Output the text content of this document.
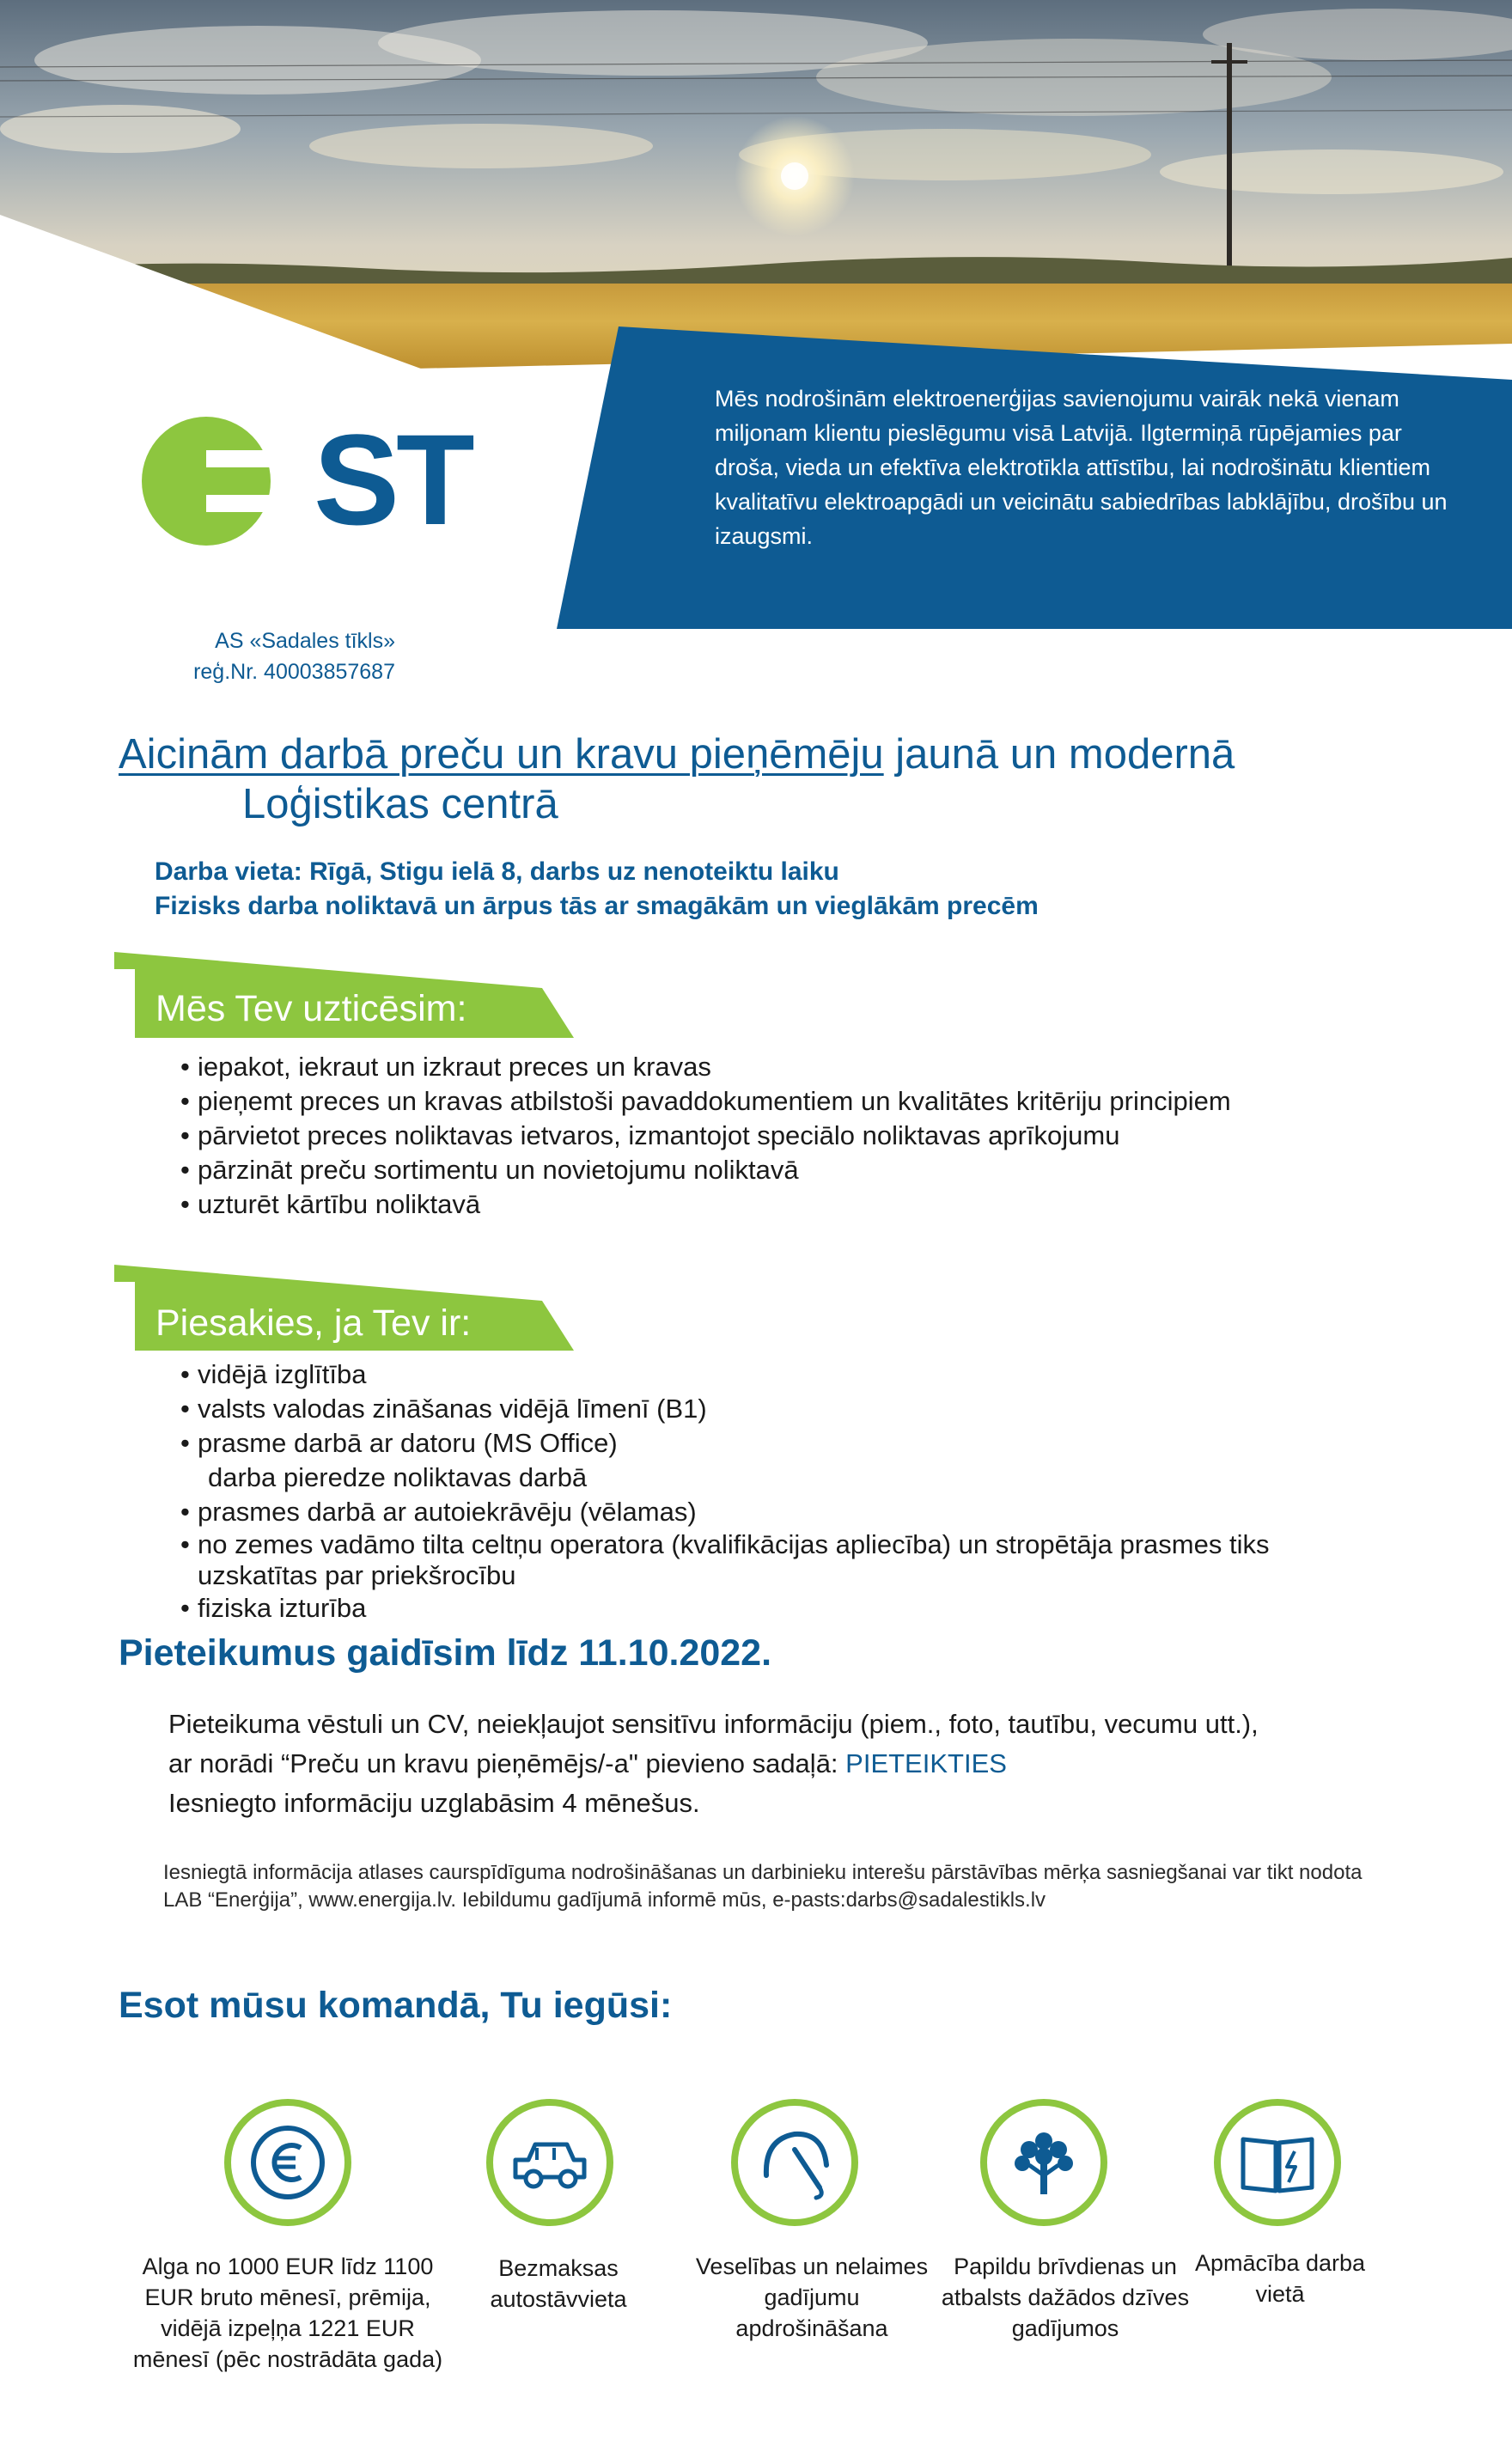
Mēs nodrošinām elektroenerģijas savienojumu vairāk nekā vienam miljonam klientu pieslēgumu visā Latvijā. Ilgtermiņā rūpējamies par droša, vieda un efektīva elektrotīkla attīstību, lai nodrošinātu klientiem kvalitatīvu elektroapgādi un veicinātu sabiedrības labklājību, drošību un izaugsmi.
ST
AS «Sadales tīkls»
reģ.Nr. 40003857687
Aicinām darbā preču un kravu pieņēmēju jaunā un modernā
Loģistikas centrā
Darba vieta: Rīgā, Stigu ielā 8, darbs uz nenoteiktu laiku
Fizisks darba noliktavā un ārpus tās ar smagākām un vieglākām precēm
Mēs Tev uzticēsim:
• iepakot, iekraut un izkraut preces un kravas
• pieņemt preces un kravas atbilstoši pavaddokumentiem un kvalitātes kritēriju principiem
• pārvietot preces noliktavas ietvaros, izmantojot speciālo noliktavas aprīkojumu
• pārzināt preču sortimentu un novietojumu noliktavā
• uzturēt kārtību noliktavā
Piesakies, ja Tev ir:
• vidējā izglītība
• valsts valodas zināšanas vidējā līmenī (B1)
• prasme darbā ar datoru (MS Office)
darba pieredze noliktavas darbā
• prasmes darbā ar autoiekrāvēju (vēlamas)
• no zemes vadāmo tilta celtņu operatora (kvalifikācijas apliecība) un stropētāja prasmes tiks uzskatītas par priekšrocību
• fiziska izturība
Pieteikumus gaidīsim līdz 11.10.2022.
Pieteikuma vēstuli un CV, neiekļaujot sensitīvu informāciju (piem., foto, tautību, vecumu utt.),
ar norādi “Preču un kravu pieņēmējs/-a" pievieno sadaļā: PIETEIKTIES
Iesniegto informāciju uzglabāsim 4 mēnešus.
Iesniegtā informācija atlases caurspīdīguma nodrošināšanas un darbinieku interešu pārstāvības mērķa sasniegšanai var tikt nodota LAB “Enerģija”, www.energija.lv. Iebildumu gadījumā informē mūs, e-pasts:darbs@sadalestikls.lv
Esot mūsu komandā, Tu iegūsi:
Alga no 1000 EUR līdz 1100 EUR bruto mēnesī, prēmija, vidējā izpeļņa 1221 EUR mēnesī (pēc nostrādāta gada)
Bezmaksas autostāvvieta
Veselības un nelaimes gadījumu apdrošināšana
Papildu brīvdienas un atbalsts dažādos dzīves gadījumos
Apmācība darba vietā
